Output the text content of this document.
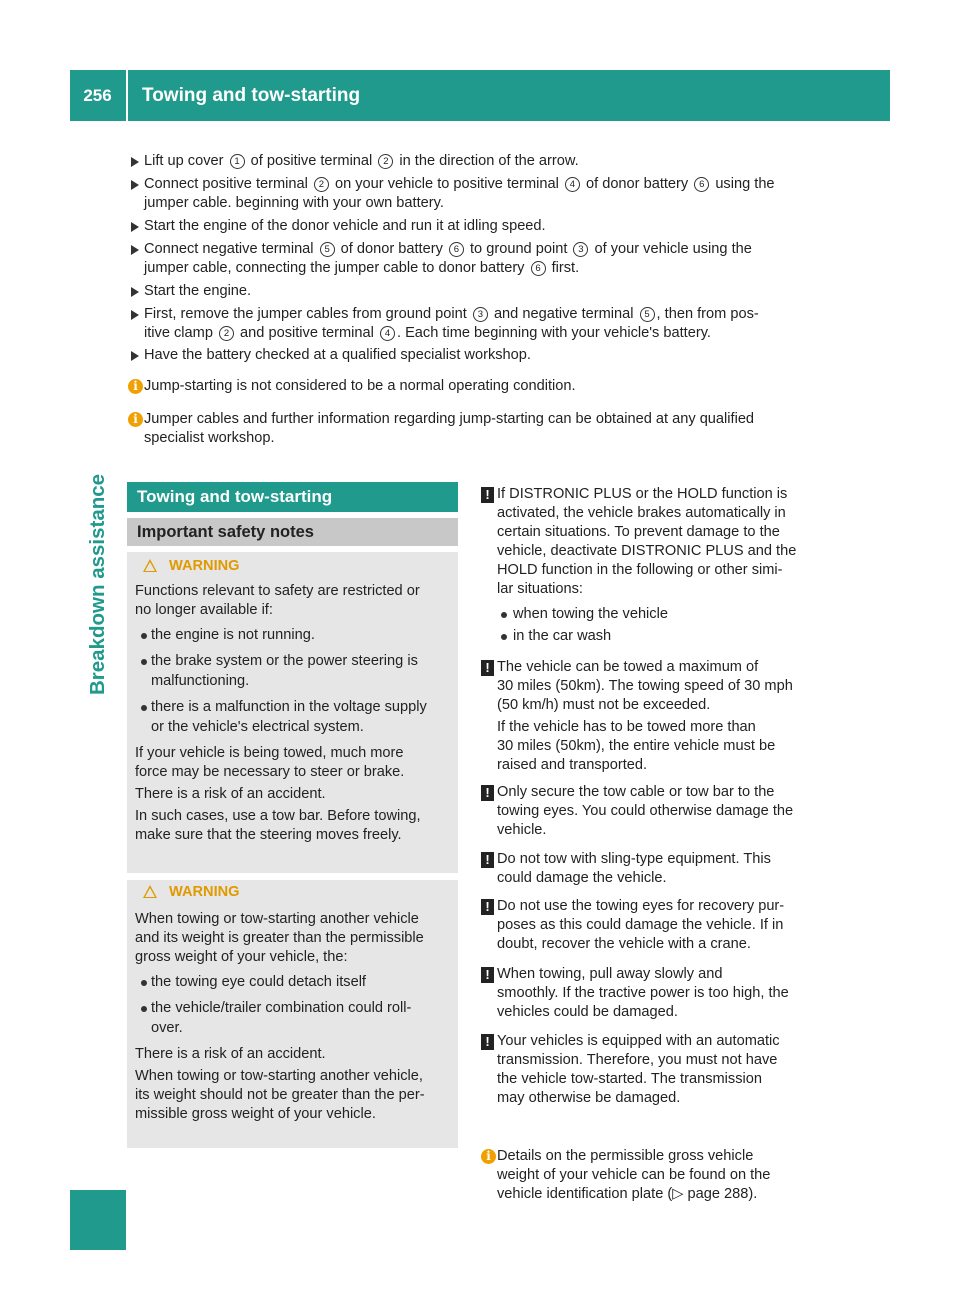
256	Towing and tow-starting
Breakdown assistance
Lift up cover 1 of positive terminal 2 in the direction of the arrow.
Connect positive terminal 2 on your vehicle to positive terminal 4 of donor battery 6 using the
jumper cable. beginning with your own battery.
Start the engine of the donor vehicle and run it at idling speed.
Connect negative terminal 5 of donor battery 6 to ground point 3 of your vehicle using the
jumper cable, connecting the jumper cable to donor battery 6 first.
Start the engine.
First, remove the jumper cables from ground point 3 and negative terminal 5 , then from pos-
itive clamp 2 and positive terminal 4 . Each time beginning with your vehicle's battery.
Have the battery checked at a qualified specialist workshop.
i Jump-starting is not considered to be a normal operating condition.
i Jumper cables and further information regarding jump-starting can be obtained at any qualified
specialist workshop.
Towing and tow-starting
Important safety notes
WARNING
Functions relevant to safety are restricted or
no longer available if:
the engine is not running.
the brake system or the power steering is
malfunctioning.
there is a malfunction in the voltage supply
or the vehicle's electrical system.
If your vehicle is being towed, much more
force may be necessary to steer or brake.
There is a risk of an accident.
In such cases, use a tow bar. Before towing,
make sure that the steering moves freely.
WARNING
When towing or tow-starting another vehicle
and its weight is greater than the permissible
gross weight of your vehicle, the:
the towing eye could detach itself
the vehicle/trailer combination could roll-
over.
There is a risk of an accident.
When towing or tow-starting another vehicle,
its weight should not be greater than the per-
missible gross weight of your vehicle.
! If DISTRONIC PLUS or the HOLD function is
activated, the vehicle brakes automatically in
certain situations. To prevent damage to the
vehicle, deactivate DISTRONIC PLUS and the
HOLD function in the following or other simi-
lar situations:
when towing the vehicle
in the car wash
! The vehicle can be towed a maximum of
30 miles (50km). The towing speed of 30 mph
(50 km/h) must not be exceeded.
If the vehicle has to be towed more than
30 miles (50km), the entire vehicle must be
raised and transported.
! Only secure the tow cable or tow bar to the
towing eyes. You could otherwise damage the
vehicle.
! Do not tow with sling-type equipment. This
could damage the vehicle.
! Do not use the towing eyes for recovery pur-
poses as this could damage the vehicle. If in
doubt, recover the vehicle with a crane.
! When towing, pull away slowly and
smoothly. If the tractive power is too high, the
vehicles could be damaged.
! Your vehicles is equipped with an automatic
transmission. Therefore, you must not have
the vehicle tow-started. The transmission
may otherwise be damaged.
i Details on the permissible gross vehicle
weight of your vehicle can be found on the
vehicle identification plate (▷ page 288).
